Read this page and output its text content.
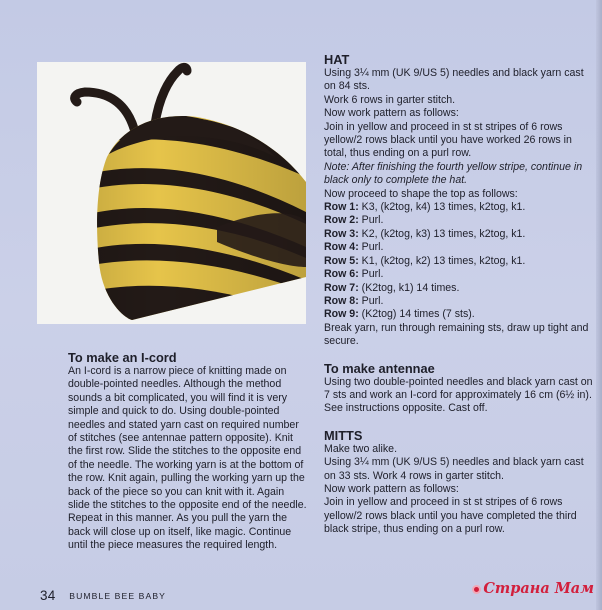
HAT

Using 3¼ mm (UK 9/US 5) needles and black yarn cast on 84 sts.

Work 6 rows in garter stitch.

Now work pattern as follows:

Join in yellow and proceed in st st stripes of 6 rows yellow/2 rows black until you have worked 26 rows in total, thus ending on a purl row.

Note: After finishing the fourth yellow stripe, continue in black only to complete the hat.

Now proceed to shape the top as follows:

Row 1: K3, (k2tog, k4) 13 times, k2tog, k1.

Row 2: Purl.

Row 3: K2, (k2tog, k3) 13 times, k2tog, k1.

Row 4: Purl.

Row 5: K1, (k2tog, k2) 13 times, k2tog, k1.

Row 6: Purl.

Row 7: (K2tog, k1) 14 times.

Row 8: Purl.

Row 9: (K2tog) 14 times (7 sts).

Break yarn, run through remaining sts, draw up tight and secure.

To make antennae

Using two double-pointed needles and black yarn cast on 7 sts and work an I-cord for approximately 16 cm (6½ in). See instructions opposite. Cast off.

MITTS

Make two alike.

Using 3¼ mm (UK 9/US 5) needles and black yarn cast on 33 sts. Work 4 rows in garter stitch.

Now work pattern as follows:

Join in yellow and proceed in st st stripes of 6 rows yellow/2 rows black until you have completed the third black stripe, thus ending on a purl row.

To make an I-cord

An I-cord is a narrow piece of knitting made on double-pointed needles. Although the method sounds a bit complicated, you will find it is very simple and quick to do. Using double-pointed needles and stated yarn cast on required number of stitches (see antennae pattern opposite). Knit the first row. Slide the stitches to the opposite end of the needle. The working yarn is at the bottom of the row. Knit again, pulling the working yarn up the back of the piece so you can knit with it. Again slide the stitches to the opposite end of the needle. Repeat in this manner. As you pull the yarn the back will close up on itself, like magic. Continue until the piece measures the required length.

34 BUMBLE BEE BABY	Страна Мам
